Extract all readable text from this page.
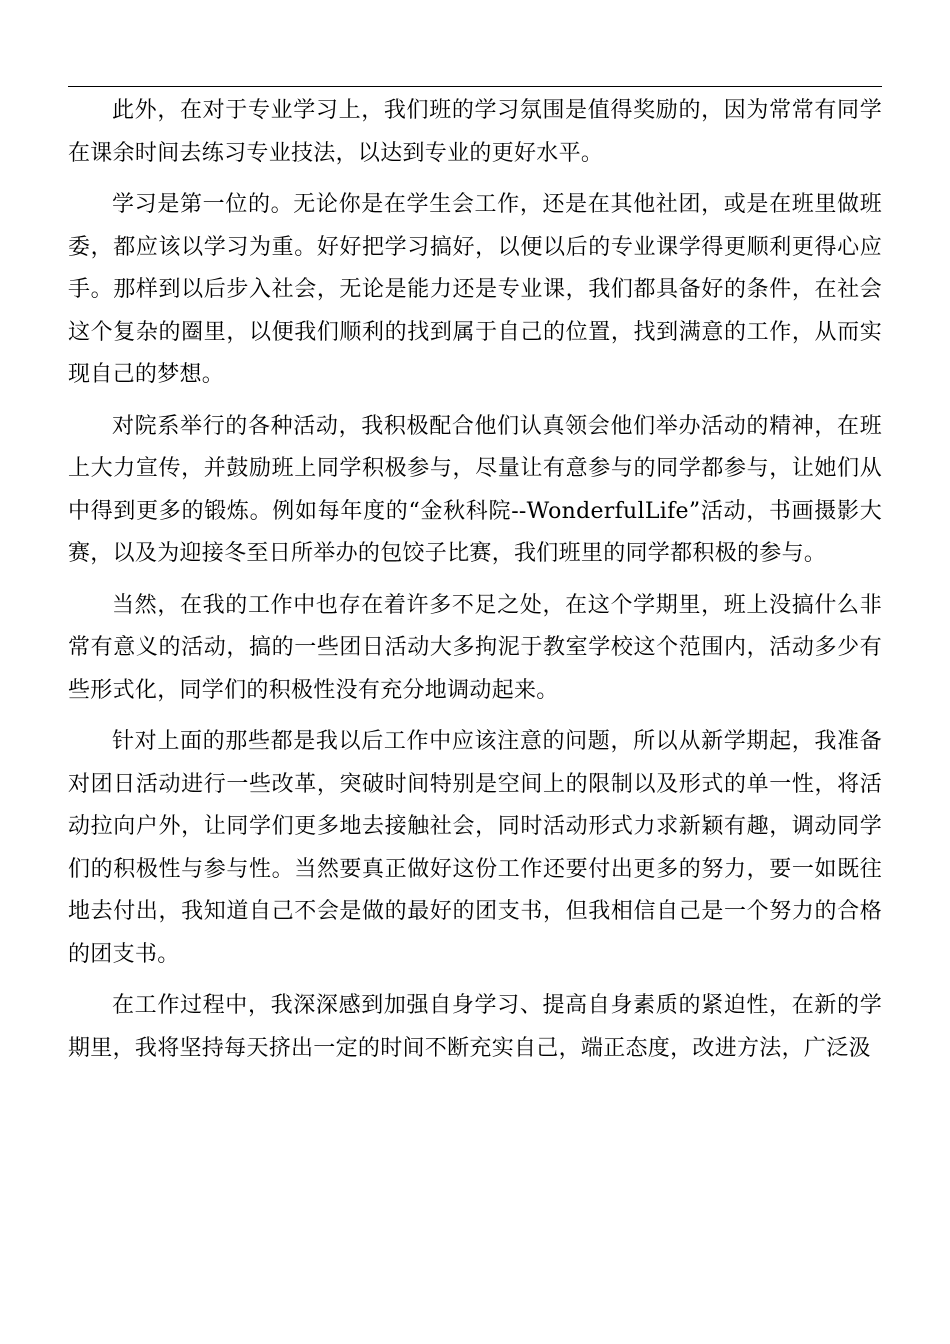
此外，在对于专业学习上，我们班的学习氛围是值得奖励的，因为常常有同学在课余时间去练习专业技法，以达到专业的更好水平。

学习是第一位的。无论你是在学生会工作，还是在其他社团，或是在班里做班委，都应该以学习为重。好好把学习搞好，以便以后的专业课学得更顺利更得心应手。那样到以后步入社会，无论是能力还是专业课，我们都具备好的条件，在社会这个复杂的圈里，以便我们顺利的找到属于自己的位置，找到满意的工作，从而实现自己的梦想。

对院系举行的各种活动，我积极配合他们认真领会他们举办活动的精神，在班上大力宣传，并鼓励班上同学积极参与，尽量让有意参与的同学都参与，让她们从中得到更多的锻炼。例如每年度的“金秋科院--WonderfulLife”活动，书画摄影大赛，以及为迎接冬至日所举办的包饺子比赛，我们班里的同学都积极的参与。

当然，在我的工作中也存在着许多不足之处，在这个学期里，班上没搞什么非常有意义的活动，搞的一些团日活动大多拘泥于教室学校这个范围内，活动多少有些形式化，同学们的积极性没有充分地调动起来。

针对上面的那些都是我以后工作中应该注意的问题，所以从新学期起，我准备对团日活动进行一些改革，突破时间特别是空间上的限制以及形式的单一性，将活动拉向户外，让同学们更多地去接触社会，同时活动形式力求新颖有趣，调动同学们的积极性与参与性。当然要真正做好这份工作还要付出更多的努力，要一如既往地去付出，我知道自己不会是做的最好的团支书，但我相信自己是一个努力的合格的团支书。

在工作过程中，我深深感到加强自身学习、提高自身素质的紧迫性，在新的学期里，我将坚持每天挤出一定的时间不断充实自己，端正态度，改进方法，广泛汲
